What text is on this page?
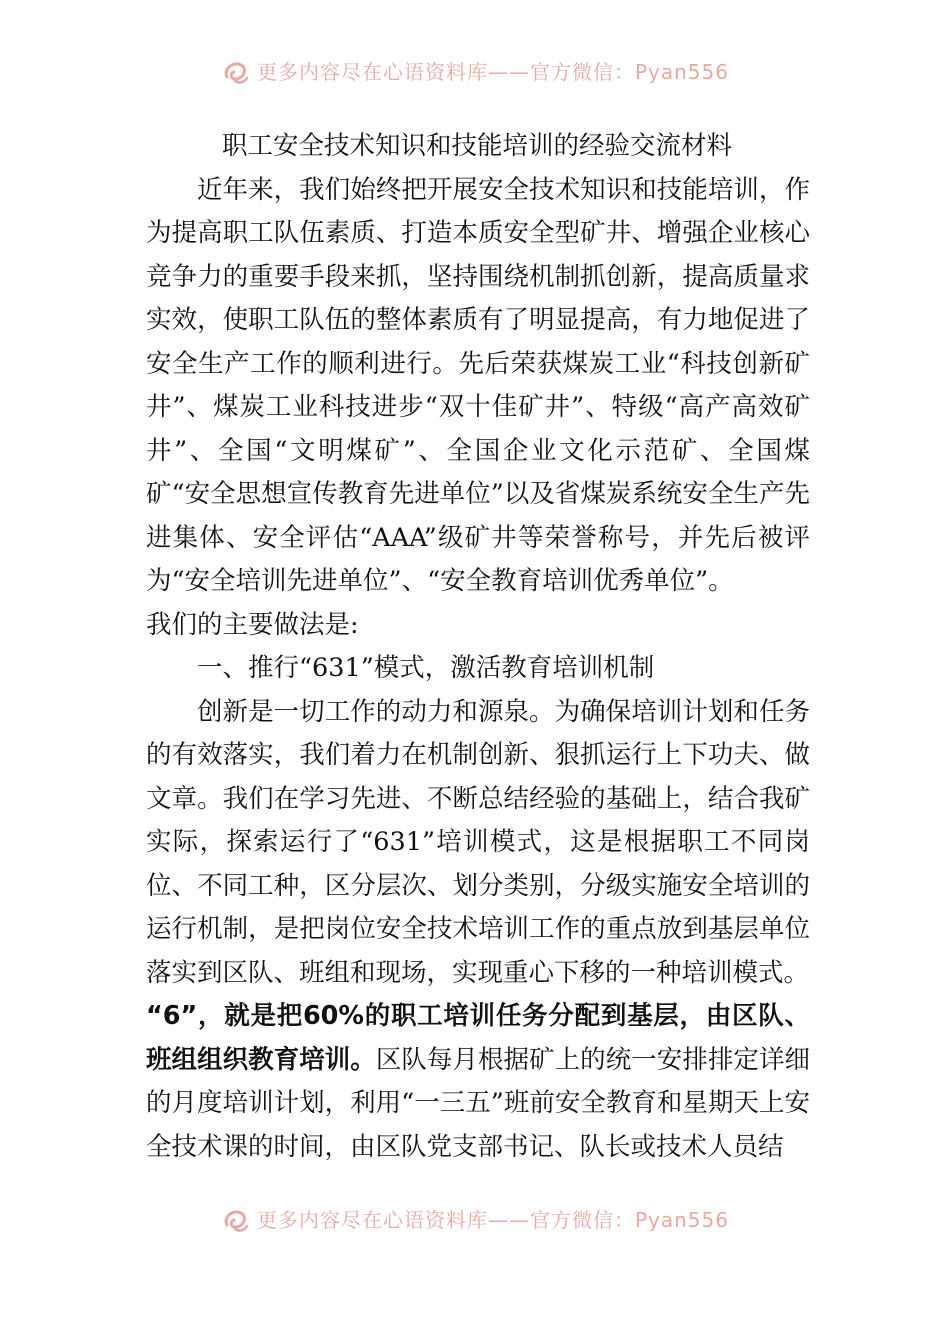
更多内容尽在心语资料库——官方微信：Pyan556

职工安全技术知识和技能培训的经验交流材料

近年来，我们始终把开展安全技术知识和技能培训，作为提高职工队伍素质、打造本质安全型矿井、增强企业核心竞争力的重要手段来抓，坚持围绕机制抓创新，提高质量求实效，使职工队伍的整体素质有了明显提高，有力地促进了安全生产工作的顺利进行。先后荣获煤炭工业“科技创新矿井”、煤炭工业科技进步“双十佳矿井”、特级“高产高效矿井”、全国“文明煤矿”、全国企业文化示范矿、全国煤矿“安全思想宣传教育先进单位”以及省煤炭系统安全生产先进集体、安全评估“AAA”级矿井等荣誉称号，并先后被评为“安全培训先进单位”、“安全教育培训优秀单位”。

我们的主要做法是:

一、推行“631”模式，激活教育培训机制

创新是一切工作的动力和源泉。为确保培训计划和任务的有效落实，我们着力在机制创新、狠抓运行上下功夫、做文章。我们在学习先进、不断总结经验的基础上，结合我矿实际，探索运行了“631”培训模式，这是根据职工不同岗位、不同工种，区分层次、划分类别，分级实施安全培训的运行机制，是把岗位安全技术培训工作的重点放到基层单位落实到区队、班组和现场，实现重心下移的一种培训模式。

“6”，就是把60%的职工培训任务分配到基层，由区队、班组组织教育培训。区队每月根据矿上的统一安排排定详细的月度培训计划，利用“一三五”班前安全教育和星期天上安全技术课的时间，由区队党支部书记、队长或技术人员结

更多内容尽在心语资料库——官方微信：Pyan556
